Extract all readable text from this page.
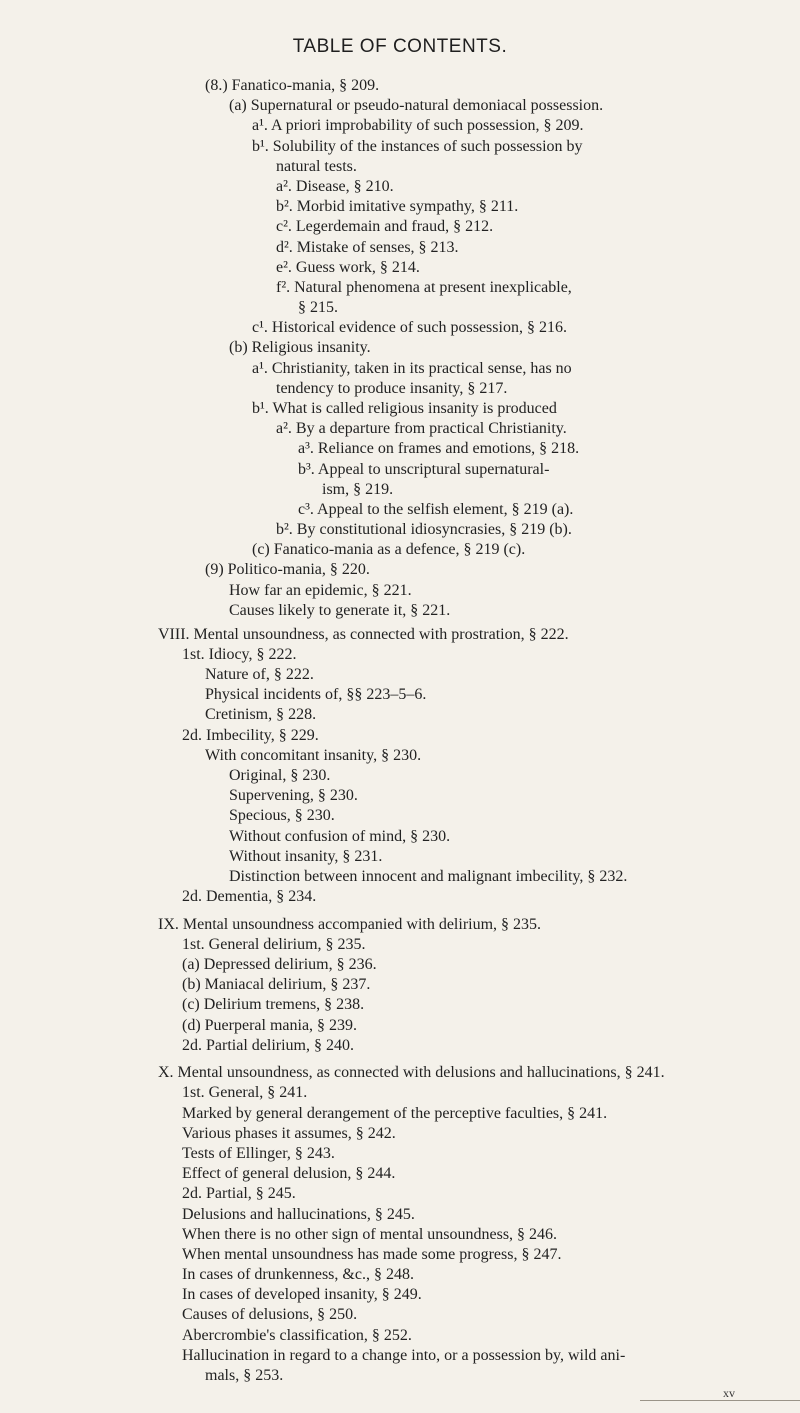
TABLE OF CONTENTS.
(8.) Fanatico-mania, § 209.
(a) Supernatural or pseudo-natural demoniacal possession.
a¹. A priori improbability of such possession, § 209.
b¹. Solubility of the instances of such possession by
natural tests.
a². Disease, § 210.
b². Morbid imitative sympathy, § 211.
c². Legerdemain and fraud, § 212.
d². Mistake of senses, § 213.
e². Guess work, § 214.
f². Natural phenomena at present inexplicable,
§ 215.
c¹. Historical evidence of such possession, § 216.
(b) Religious insanity.
a¹. Christianity, taken in its practical sense, has no
tendency to produce insanity, § 217.
b¹. What is called religious insanity is produced
a². By a departure from practical Christianity.
a³. Reliance on frames and emotions, § 218.
b³. Appeal to unscriptural supernatural-
ism, § 219.
c³. Appeal to the selfish element, § 219 (a).
b². By constitutional idiosyncrasies, § 219 (b).
(c) Fanatico-mania as a defence, § 219 (c).
(9) Politico-mania, § 220.
How far an epidemic, § 221.
Causes likely to generate it, § 221.
VIII. Mental unsoundness, as connected with prostration, § 222.
1st. Idiocy, § 222.
Nature of, § 222.
Physical incidents of, §§ 223–5–6.
Cretinism, § 228.
2d. Imbecility, § 229.
With concomitant insanity, § 230.
Original, § 230.
Supervening, § 230.
Specious, § 230.
Without confusion of mind, § 230.
Without insanity, § 231.
Distinction between innocent and malignant imbecility, § 232.
2d. Dementia, § 234.
IX. Mental unsoundness accompanied with delirium, § 235.
1st. General delirium, § 235.
(a) Depressed delirium, § 236.
(b) Maniacal delirium, § 237.
(c) Delirium tremens, § 238.
(d) Puerperal mania, § 239.
2d. Partial delirium, § 240.
X. Mental unsoundness, as connected with delusions and hallucinations, § 241.
1st. General, § 241.
Marked by general derangement of the perceptive faculties, § 241.
Various phases it assumes, § 242.
Tests of Ellinger, § 243.
Effect of general delusion, § 244.
2d. Partial, § 245.
Delusions and hallucinations, § 245.
When there is no other sign of mental unsoundness, § 246.
When mental unsoundness has made some progress, § 247.
In cases of drunkenness, &c., § 248.
In cases of developed insanity, § 249.
Causes of delusions, § 250.
Abercrombie's classification, § 252.
Hallucination in regard to a change into, or a possession by, wild ani-
mals, § 253.
xv
